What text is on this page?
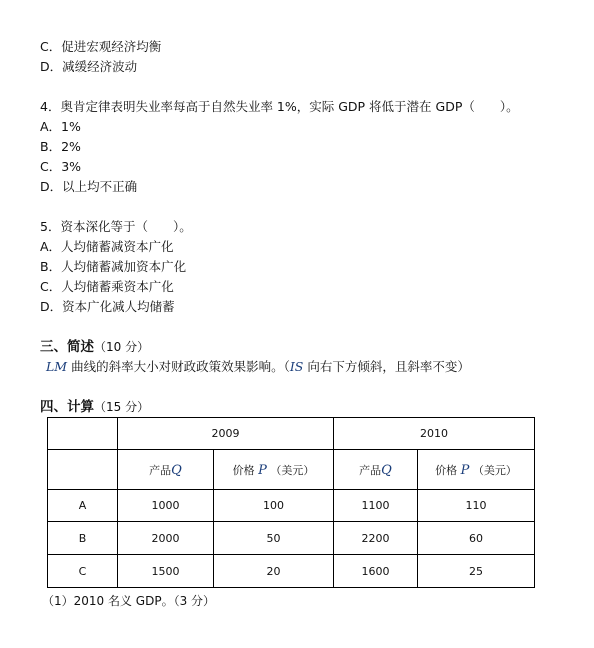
C．促进宏观经济均衡
D．减缓经济波动
4．奥肯定律表明失业率每高于自然失业率 1%，实际 GDP 将低于潜在 GDP（　　）。
A．1%
B．2%
C．3%
D．以上均不正确
5．资本深化等于（　　）。
A．人均储蓄减资本广化
B．人均储蓄减加资本广化
C．人均储蓄乘资本广化
D．资本广化减人均储蓄
三、简述（10 分）
LM 曲线的斜率大小对财政政策效果影响。（IS 向右下方倾斜，且斜率不变）
四、计算（15 分）
	2009		2010	
	产品Q	价格 P （美元）	产品Q	价格 P （美元）
A	1000	100	1100	110
B	2000	50	2200	60
C	1500	20	1600	25
（1）2010 名义 GDP。（3 分）
